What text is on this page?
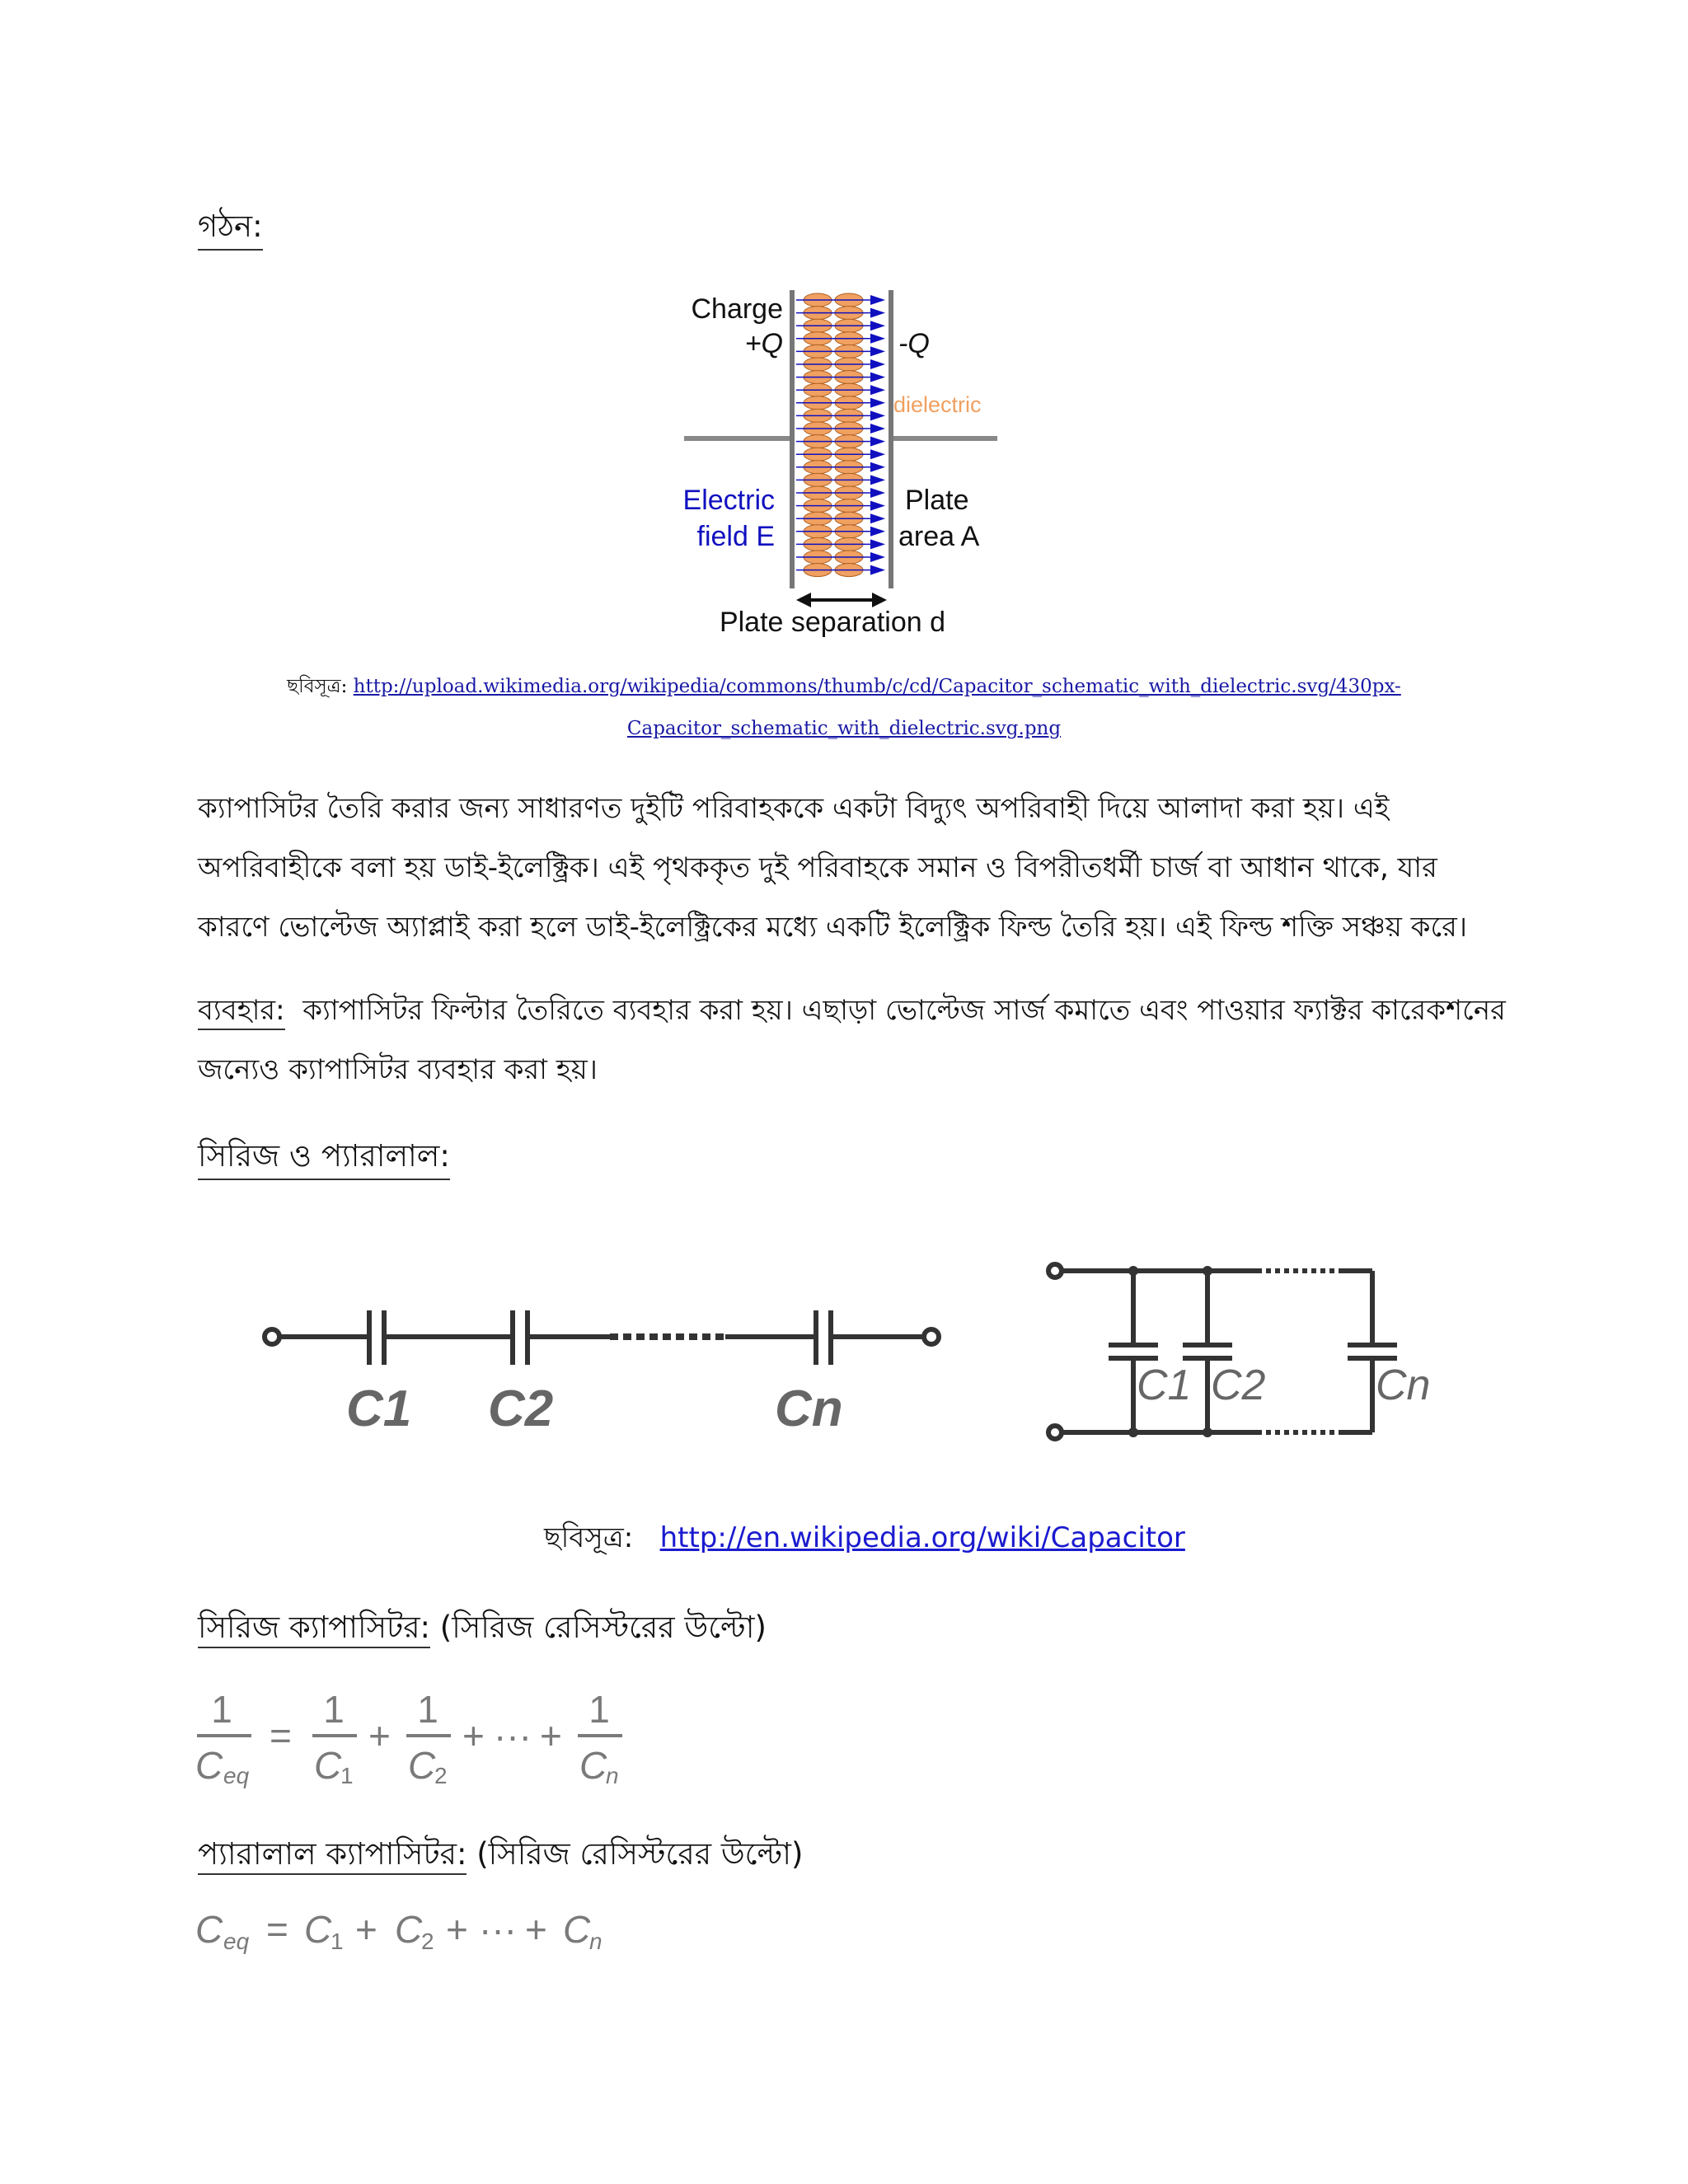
গঠন:
Charge
+Q	-Q
dielectric
Electric
field E
Plate
area A
Plate separation d
ছবিসূত্র: http://upload.wikimedia.org/wikipedia/commons/thumb/c/cd/Capacitor_schematic_with_dielectric.svg/430px-
Capacitor_schematic_with_dielectric.svg.png
ক্যাপাসিটর তৈরি করার জন্য সাধারণত দুইটি পরিবাহককে একটা বিদ্যুৎ অপরিবাহী দিয়ে আলাদা করা হয়। এই
অপরিবাহীকে বলা হয় ডাই-ইলেক্ট্রিক। এই পৃথককৃত দুই পরিবাহকে সমান ও বিপরীতধর্মী চার্জ বা আধান থাকে, যার
কারণে ভোল্টেজ অ্যাপ্লাই করা হলে ডাই-ইলেক্ট্রিকের মধ্যে একটি ইলেক্ট্রিক ফিল্ড তৈরি হয়। এই ফিল্ড শক্তি সঞ্চয় করে।
ব্যবহার: ক্যাপাসিটর ফিল্টার তৈরিতে ব্যবহার করা হয়। এছাড়া ভোল্টেজ সার্জ কমাতে এবং পাওয়ার ফ্যাক্টর কারেকশনের
জন্যেও ক্যাপাসিটর ব্যবহার করা হয়।
সিরিজ ও প্যারালাল:
C1 C2	Cn	C1 C2	Cn
ছবিসূত্র: http://en.wikipedia.org/wiki/Capacitor
সিরিজ ক্যাপাসিটর: (সিরিজ রেসিস্টরের উল্টো)
1
C eq
=
1
C
1
+
1
C
2
+ ··· +
1
C
n
প্যারালাল ক্যাপাসিটর: (সিরিজ রেসিস্টরের উল্টো)
C eq = C
1 + C
2 + ··· + C
n
